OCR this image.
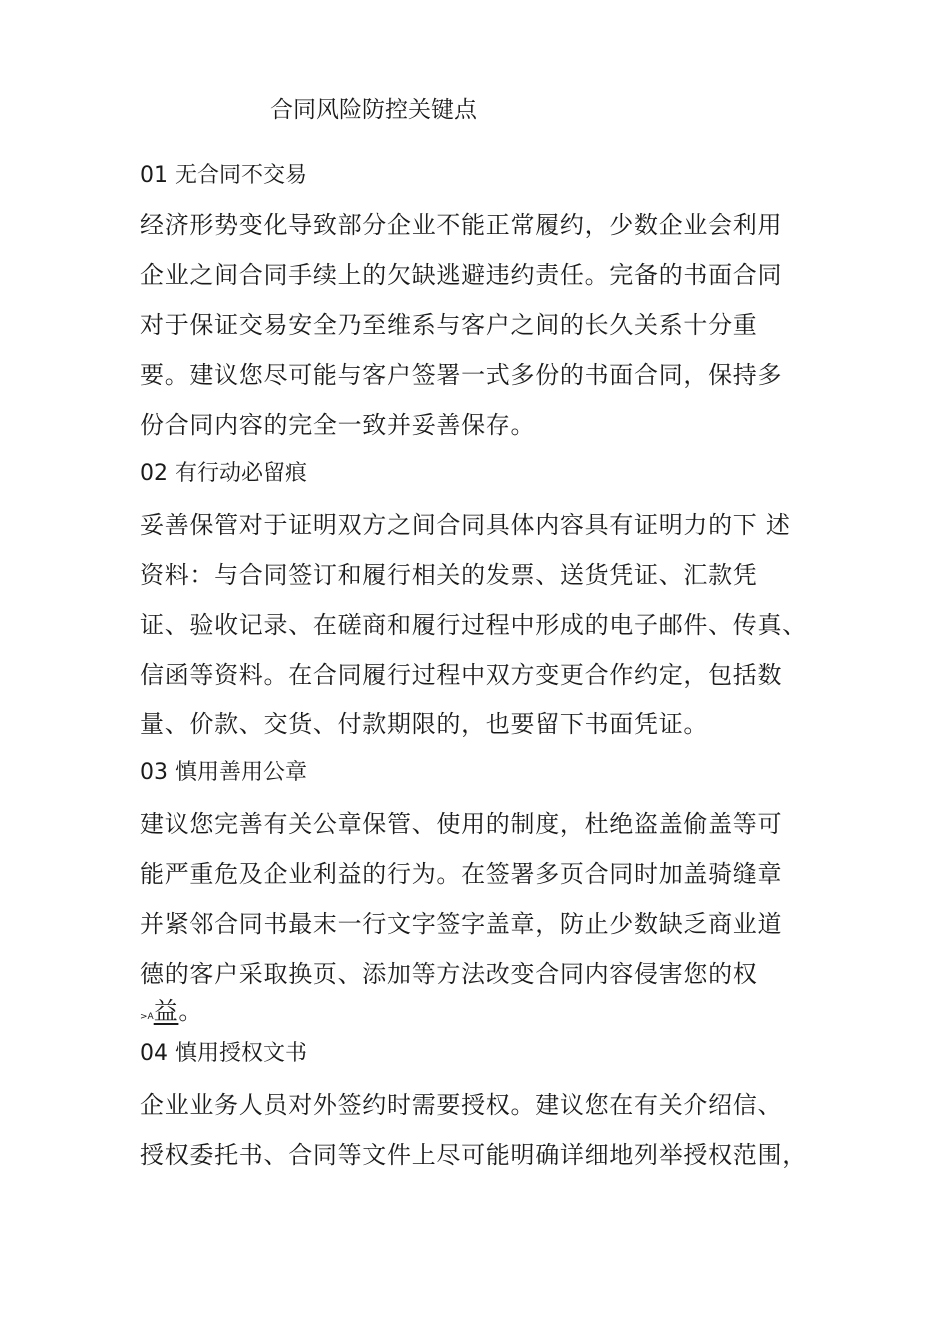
合同风险防控关键点
01 无合同不交易

经济形势变化导致部分企业不能正常履约，少数企业会利用

企业之间合同手续上的欠缺逃避违约责任。完备的书面合同

对于保证交易安全乃至维系与客户之间的长久关系十分重

要。建议您尽可能与客户签署一式多份的书面合同，保持多

份合同内容的完全一致并妥善保存。

02 有行动必留痕

妥善保管对于证明双方之间合同具体内容具有证明力的下 述

资料：与合同签订和履行相关的发票、送货凭证、汇款凭

证、验收记录、在磋商和履行过程中形成的电子邮件、传真、

信函等资料。在合同履行过程中双方变更合作约定，包括数

量、价款、交货、付款期限的，也要留下书面凭证。

03 慎用善用公章

建议您完善有关公章保管、使用的制度，杜绝盗盖偷盖等可

能严重危及企业利益的行为。在签署多页合同时加盖骑缝章

并紧邻合同书最末一行文字签字盖章，防止少数缺乏商业道

德的客户采取换页、添加等方法改变合同内容侵害您的权

>A益。

04 慎用授权文书

企业业务人员对外签约时需要授权。建议您在有关介绍信、

授权委托书、合同等文件上尽可能明确详细地列举授权范围，
